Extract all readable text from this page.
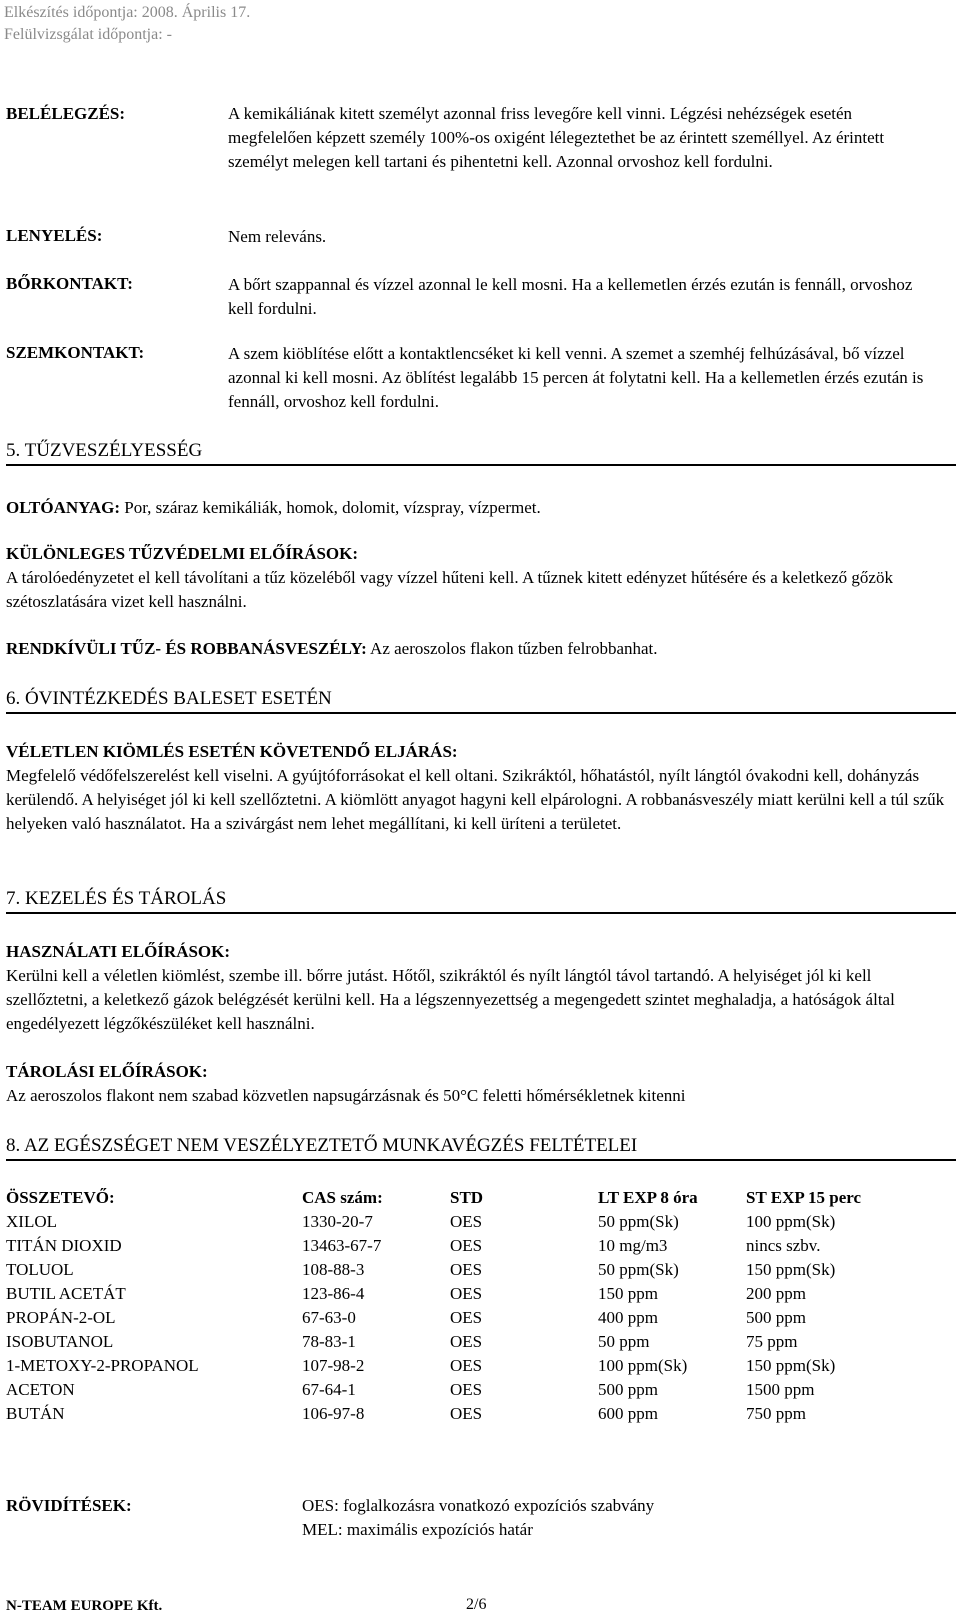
Elkészítés időpontja: 2008. Április 17.
Felülvizsgálat időpontja: -
BELÉLEGZÉS:	A kemikáliának kitett személyt azonnal friss levegőre kell vinni. Légzési nehézségek esetén megfelelően képzett személy 100%-os oxigént lélegeztethet be az érintett személlyel. Az érintett személyt melegen kell tartani és pihentetni kell. Azonnal orvoshoz kell fordulni.
LENYELÉS:	Nem releváns.
BŐRKONTAKT:	A bőrt szappannal és vízzel azonnal le kell mosni. Ha a kellemetlen érzés ezután is fennáll, orvoshoz kell fordulni.
SZEMKONTAKT:	A szem kiöblítése előtt a kontaktlencséket ki kell venni. A szemet a szemhéj felhúzásával, bő vízzel azonnal ki kell mosni. Az öblítést legalább 15 percen át folytatni kell. Ha a kellemetlen érzés ezután is fennáll, orvoshoz kell fordulni.
5. TŰZVESZÉLYESSÉG
OLTÓANYAG: Por, száraz kemikáliák, homok, dolomit, vízspray, vízpermet.
KÜLÖNLEGES TŰZVÉDELMI ELŐÍRÁSOK:
A tárolóedényzetet el kell távolítani a tűz közeléből vagy vízzel hűteni kell. A tűznek kitett edényzet hűtésére és a keletkező gőzök szétoszlatására vizet kell használni.
RENDKÍVÜLI TŰZ- ÉS ROBBANÁSVESZÉLY: Az aeroszolos flakon tűzben felrobbanhat.
6. ÓVINTÉZKEDÉS BALESET ESETÉN
VÉLETLEN KIÖMLÉS ESETÉN KÖVETENDŐ ELJÁRÁS:
Megfelelő védőfelszerelést kell viselni. A gyújtóforrásokat el kell oltani. Szikráktól, hőhatástól, nyílt lángtól óvakodni kell, dohányzás kerülendő. A helyiséget jól ki kell szellőztetni. A kiömlött anyagot hagyni kell elpárologni. A robbanásveszély miatt kerülni kell a túl szűk helyeken való használatot. Ha a szivárgást nem lehet megállítani, ki kell üríteni a területet.
7. KEZELÉS ÉS TÁROLÁS
HASZNÁLATI ELŐÍRÁSOK:
Kerülni kell a véletlen kiömlést, szembe ill. bőrre jutást. Hőtől, szikráktól és nyílt lángtól távol tartandó. A helyiséget jól ki kell szellőztetni, a keletkező gázok belégzését kerülni kell. Ha a légszennyezettség a megengedett szintet meghaladja, a hatóságok által engedélyezett légzőkészüléket kell használni.
TÁROLÁSI ELŐÍRÁSOK:
Az aeroszolos flakont nem szabad közvetlen napsugárzásnak és 50°C feletti hőmérsékletnek kitenni
8. AZ EGÉSZSÉGET NEM VESZÉLYEZTETŐ MUNKAVÉGZÉS FELTÉTELEI
ÖSSZETEVŐ:	CAS szám:	STD	LT EXP 8 óra	ST EXP 15 perc
XILOL	1330-20-7	OES	50 ppm(Sk)	100 ppm(Sk)
TITÁN DIOXID	13463-67-7	OES	10 mg/m3	nincs szbv.
TOLUOL	108-88-3	OES	50 ppm(Sk)	150 ppm(Sk)
BUTIL ACETÁT	123-86-4	OES	150 ppm	200 ppm
PROPÁN-2-OL	67-63-0	OES	400 ppm	500 ppm
ISOBUTANOL	78-83-1	OES	50 ppm	75 ppm
1-METOXY-2-PROPANOL	107-98-2	OES	100 ppm(Sk)	150 ppm(Sk)
ACETON	67-64-1	OES	500 ppm	1500 ppm
BUTÁN	106-97-8	OES	600 ppm	750 ppm
RÖVIDÍTÉSEK:	OES: foglalkozásra vonatkozó expozíciós szabvány
MEL: maximális expozíciós határ
N-TEAM EUROPE Kft.	2/6
